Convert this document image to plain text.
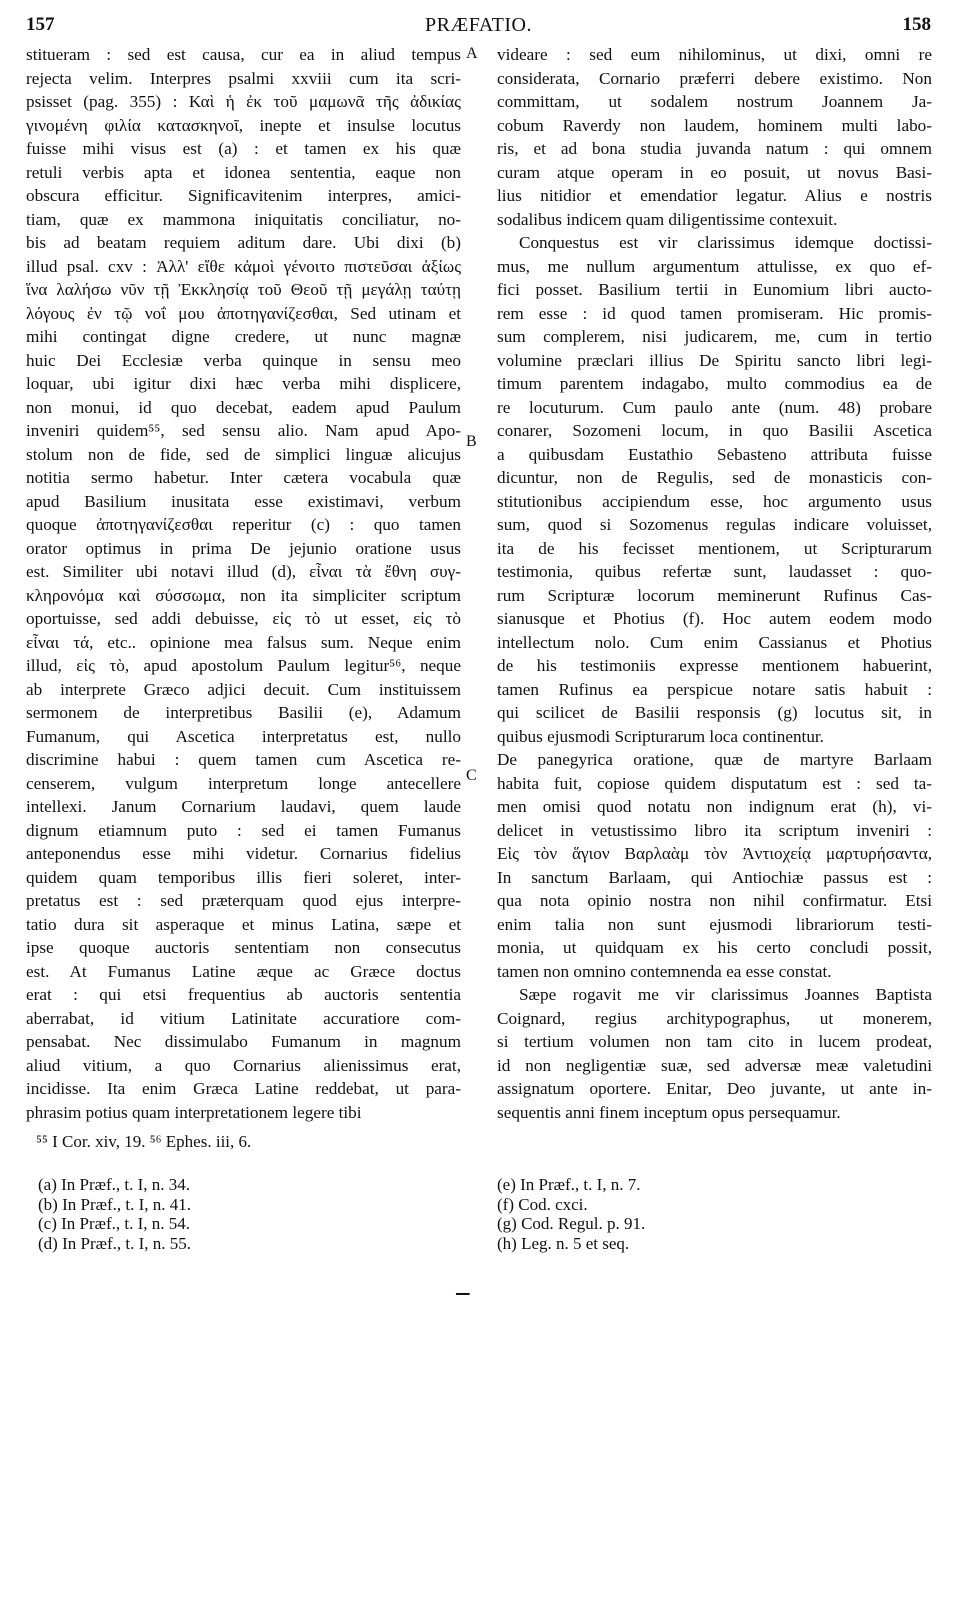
157	PRÆFATIO.	158

stitueram : sed est causa, cur ea in aliud tempus

rejecta velim. Interpres psalmi xxviii cum ita scri-

psisset (pag. 355) : Καὶ ἡ ἐκ τοῦ μαμωνᾶ τῆς ἀδικίας

γινομένη φιλία κατασκηνοῖ, inepte et insulse locutus

fuisse mihi visus est (a) : et tamen ex his quæ

retuli verbis apta et idonea sententia, eaque non

obscura efficitur. Significavitenim interpres, amici-

tiam, quæ ex mammona iniquitatis conciliatur, no-

bis ad beatam requiem aditum dare. Ubi dixi (b)

illud psal. cxv : Ἀλλ' εἴθε κἀμοὶ γένοιτο πιστεῦσαι ἀξίως

ἵνα λαλήσω νῦν τῇ Ἐκκλησίᾳ τοῦ Θεοῦ τῇ μεγάλῃ ταύτῃ

λόγους ἐν τῷ νοΐ μου ἀποτηγανίζεσθαι, Sed utinam et

mihi contingat digne credere, ut nunc magnæ

huic Dei Ecclesiæ verba quinque in sensu meo

loquar, ubi igitur dixi hæc verba mihi displicere,

non monui, id quo decebat, eadem apud Paulum

inveniri quidem⁵⁵, sed sensu alio. Nam apud Apo-

stolum non de fide, sed de simplici linguæ alicujus

notitia sermo habetur. Inter cætera vocabula quæ

apud Basilium inusitata esse existimavi, verbum

quoque ἀποτηγανίζεσθαι reperitur (c) : quo tamen

orator optimus in prima De jejunio oratione usus

est. Similiter ubi notavi illud (d), εἶναι τὰ ἔθνη συγ-

κληρονόμα καὶ σύσσωμα, non ita simpliciter scriptum

oportuisse, sed addi debuisse, εἰς τὸ ut esset, εἰς τὸ

εἶναι τά, etc.. opinione mea falsus sum. Neque enim

illud, εἰς τὸ, apud apostolum Paulum legitur⁵⁶, neque

ab interprete Græco adjici decuit. Cum instituissem

sermonem de interpretibus Basilii (e), Adamum

Fumanum, qui Ascetica interpretatus est, nullo

discrimine habui : quem tamen cum Ascetica re-

censerem, vulgum interpretum longe antecellere

intellexi. Janum Cornarium laudavi, quem laude

dignum etiamnum puto : sed ei tamen Fumanus

anteponendus esse mihi videtur. Cornarius fidelius

quidem quam temporibus illis fieri soleret, inter-

pretatus est : sed præterquam quod ejus interpre-

tatio dura sit asperaque et minus Latina, sæpe et

ipse quoque auctoris sententiam non consecutus

est. At Fumanus Latine æque ac Græce doctus

erat : qui etsi frequentius ab auctoris sententia

aberrabat, id vitium Latinitate accuratiore com-

pensabat. Nec dissimulabo Fumanum in magnum

aliud vitium, a quo Cornarius alienissimus erat,

incidisse. Ita enim Græca Latine reddebat, ut para-

phrasim potius quam interpretationem legere tibi

videare : sed eum nihilominus, ut dixi, omni re

considerata, Cornario præferri debere existimo. Non

committam, ut sodalem nostrum Joannem Ja-

cobum Raverdy non laudem, hominem multi labo-

ris, et ad bona studia juvanda natum : qui omnem

curam atque operam in eo posuit, ut novus Basi-

lius nitidior et emendatior legatur. Alius e nostris

sodalibus indicem quam diligentissime contexuit.

Conquestus est vir clarissimus idemque doctissi-

mus, me nullum argumentum attulisse, ex quo ef-

fici posset. Basilium tertii in Eunomium libri aucto-

rem esse : id quod tamen promiseram. Hic promis-

sum complerem, nisi judicarem, me, cum in tertio

volumine præclari illius De Spiritu sancto libri legi-

timum parentem indagabo, multo commodius ea de

re locuturum. Cum paulo ante (num. 48) probare

conarer, Sozomeni locum, in quo Basilii Ascetica

a quibusdam Eustathio Sebasteno attributa fuisse

dicuntur, non de Regulis, sed de monasticis con-

stitutionibus accipiendum esse, hoc argumento usus

sum, quod si Sozomenus regulas indicare voluisset,

ita de his fecisset mentionem, ut Scripturarum

testimonia, quibus refertæ sunt, laudasset : quo-

rum Scripturæ locorum meminerunt Rufinus Cas-

sianusque et Photius (f). Hoc autem eodem modo

intellectum nolo. Cum enim Cassianus et Photius

de his testimoniis expresse mentionem habuerint,

tamen Rufinus ea perspicue notare satis habuit :

qui scilicet de Basilii responsis (g) locutus sit, in

quibus ejusmodi Scripturarum loca continentur.

De panegyrica oratione, quæ de martyre Barlaam

habita fuit, copiose quidem disputatum est : sed ta-

men omisi quod notatu non indignum erat (h), vi-

delicet in vetustissimo libro ita scriptum inveniri :

Εἰς τὸν ἅγιον Βαρλαὰμ τὸν Ἀντιοχείᾳ μαρτυρήσαντα,

In sanctum Barlaam, qui Antiochiæ passus est :

qua nota opinio nostra non nihil confirmatur. Etsi

enim talia non sunt ejusmodi librariorum testi-

monia, ut quidquam ex his certo concludi possit,

tamen non omnino contemnenda ea esse constat.

Sæpe rogavit me vir clarissimus Joannes Baptista

Coignard, regius architypographus, ut monerem,

si tertium volumen non tam cito in lucem prodeat,

id non negligentiæ suæ, sed adversæ meæ valetudini

assignatum oportere. Enitar, Deo juvante, ut ante in-

sequentis anni finem inceptum opus persequamur.

A
B
C
⁵⁵ I Cor. xiv, 19. ⁵⁶ Ephes. iii, 6.
(a) In Præf., t. I, n. 34.
(b) In Præf., t. I, n. 41.
(c) In Præf., t. I, n. 54.
(d) In Præf., t. I, n. 55.
(e) In Præf., t. I, n. 7.
(f) Cod. cxci.
(g) Cod. Regul. p. 91.
(h) Leg. n. 5 et seq.
━━
